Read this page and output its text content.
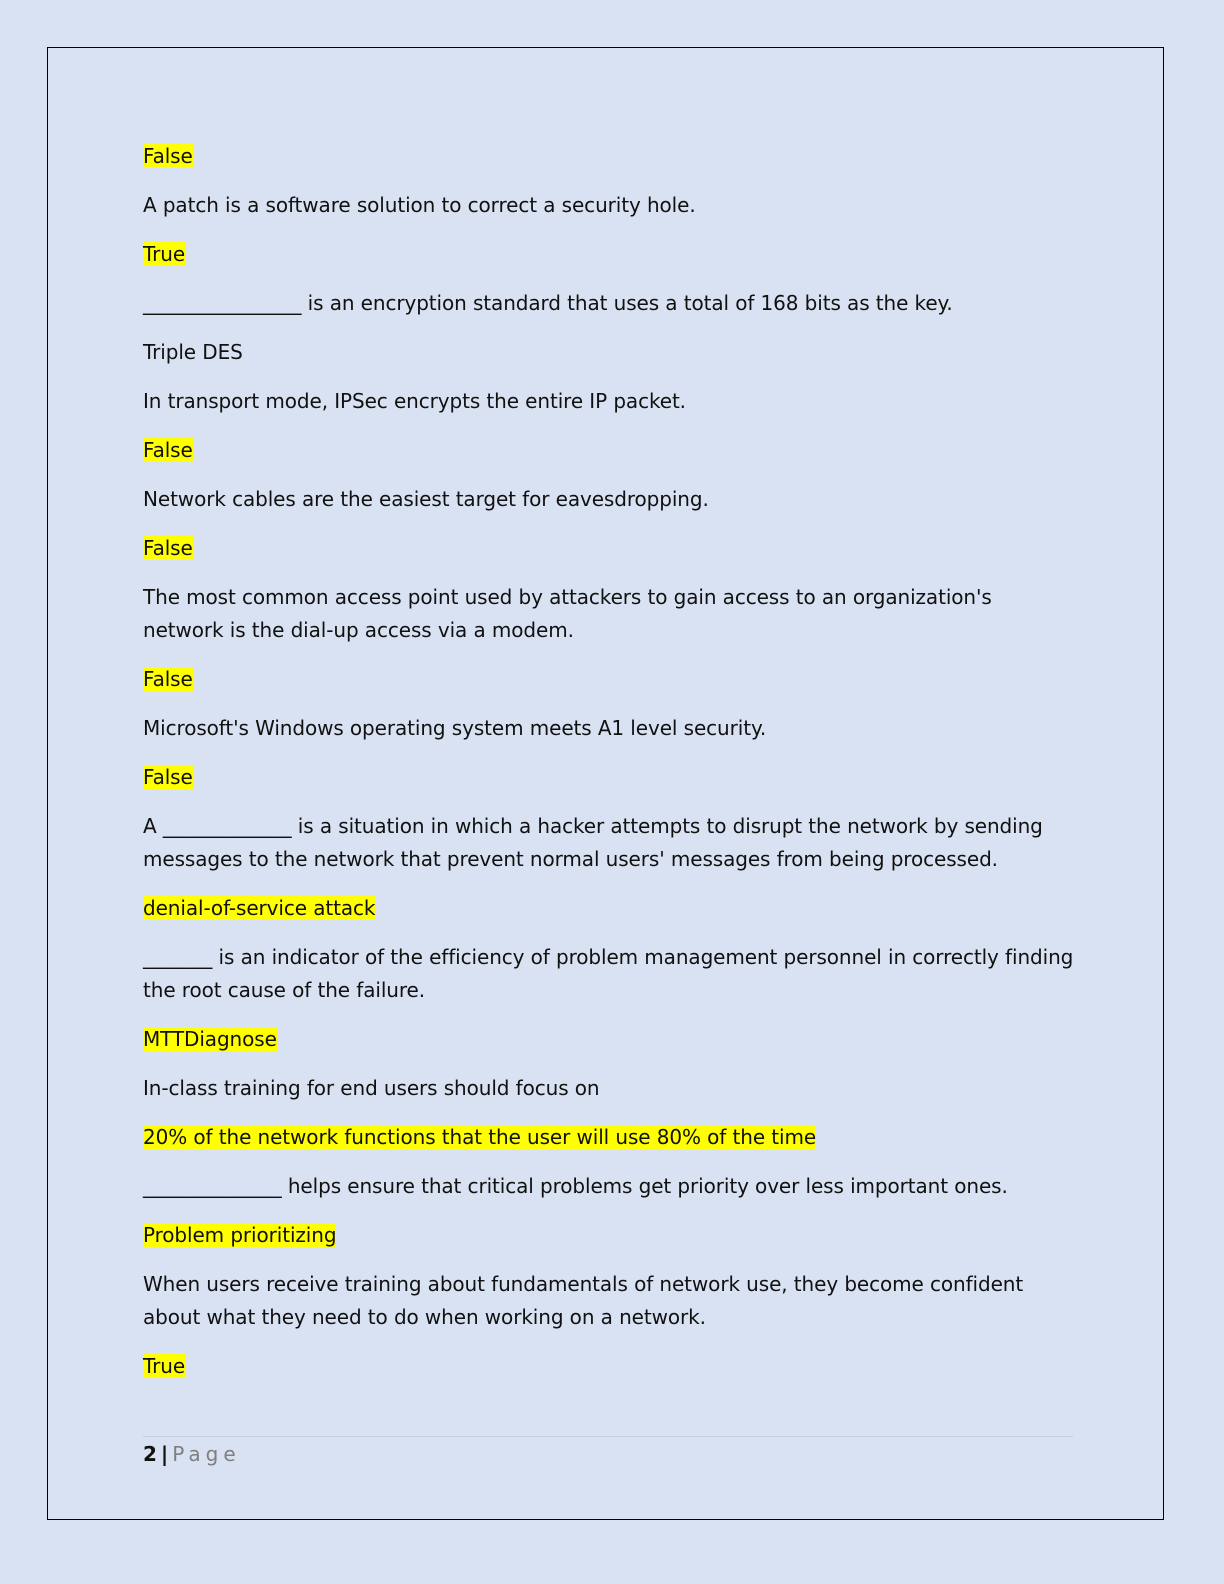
False

A patch is a software solution to correct a security hole.

True

________________ is an encryption standard that uses a total of 168 bits as the key.

Triple DES

In transport mode, IPSec encrypts the entire IP packet.

False

Network cables are the easiest target for eavesdropping.

False

The most common access point used by attackers to gain access to an organization's network is the dial-up access via a modem.

False

Microsoft's Windows operating system meets A1 level security.

False

A _____________ is a situation in which a hacker attempts to disrupt the network by sending messages to the network that prevent normal users' messages from being processed.

denial-of-service attack

_______ is an indicator of the efficiency of problem management personnel in correctly finding the root cause of the failure.

MTTDiagnose

In-class training for end users should focus on

20% of the network functions that the user will use 80% of the time

______________ helps ensure that critical problems get priority over less important ones.

Problem prioritizing

When users receive training about fundamentals of network use, they become confident about what they need to do when working on a network.

True

2 | Page
